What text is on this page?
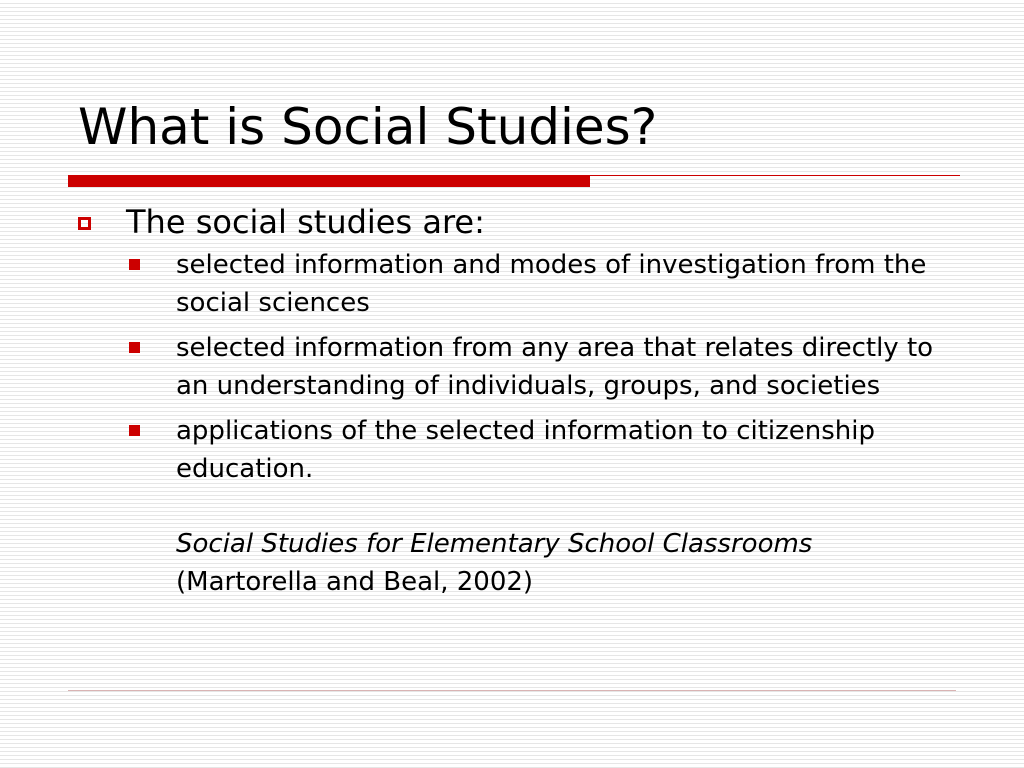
What is Social Studies?
The social studies are:
selected information and modes of investigation from the social sciences
selected information from any area that relates directly to an understanding of individuals, groups, and societies
applications of the selected information to citizenship education.
Social Studies for Elementary School Classrooms
(Martorella and Beal, 2002)
